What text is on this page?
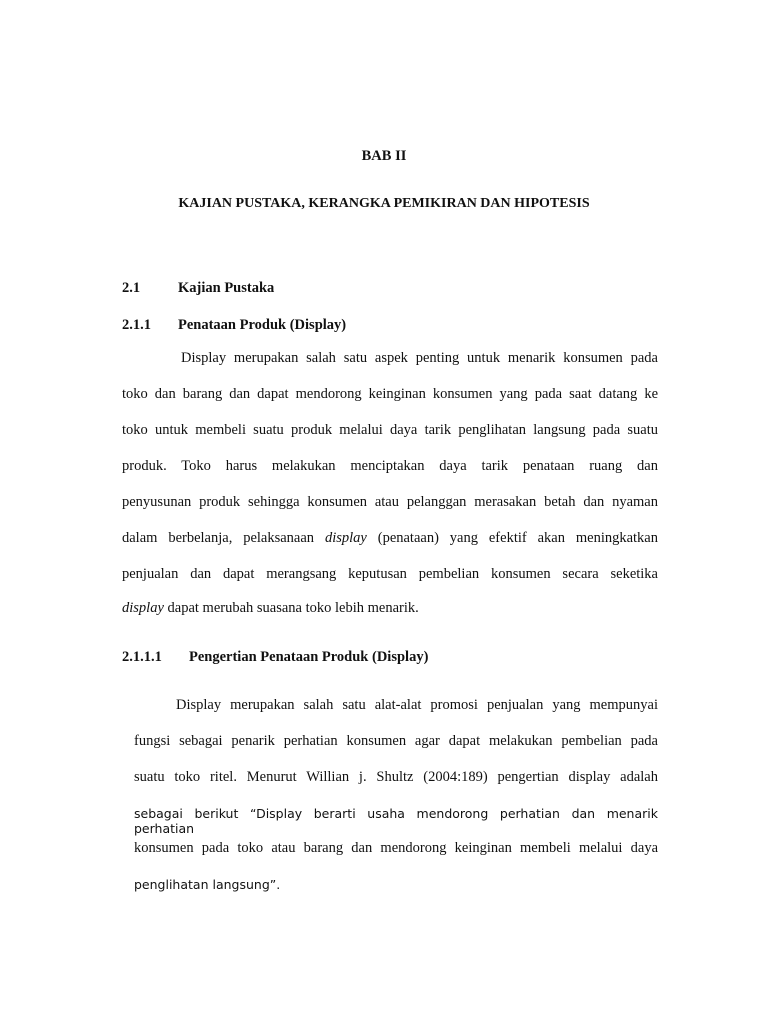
BAB II
KAJIAN PUSTAKA, KERANGKA PEMIKIRAN DAN HIPOTESIS
2.1	Kajian Pustaka
2.1.1 Penataan Produk (Display)
Display merupakan salah satu aspek penting untuk menarik konsumen pada
toko dan barang dan dapat mendorong keinginan konsumen yang pada saat datang ke
toko untuk membeli suatu produk melalui daya tarik penglihatan langsung pada suatu
produk. Toko harus melakukan menciptakan daya tarik penataan ruang dan
penyusunan produk sehingga konsumen atau pelanggan merasakan betah dan nyaman
dalam berbelanja, pelaksanaan display (penataan) yang efektif akan meningkatkan
penjualan dan dapat merangsang keputusan pembelian konsumen secara seketika
display dapat merubah suasana toko lebih menarik.
2.1.1.1 Pengertian Penataan Produk (Display)
Display merupakan salah satu alat-alat promosi penjualan yang mempunyai
fungsi sebagai penarik perhatian konsumen agar dapat melakukan pembelian pada
suatu toko ritel. Menurut Willian j. Shultz (2004:189) pengertian display adalah
sebagai berikut “Display berarti usaha mendorong perhatian dan menarik perhatian
konsumen pada toko atau barang dan mendorong keinginan membeli melalui daya
penglihatan langsung”.
